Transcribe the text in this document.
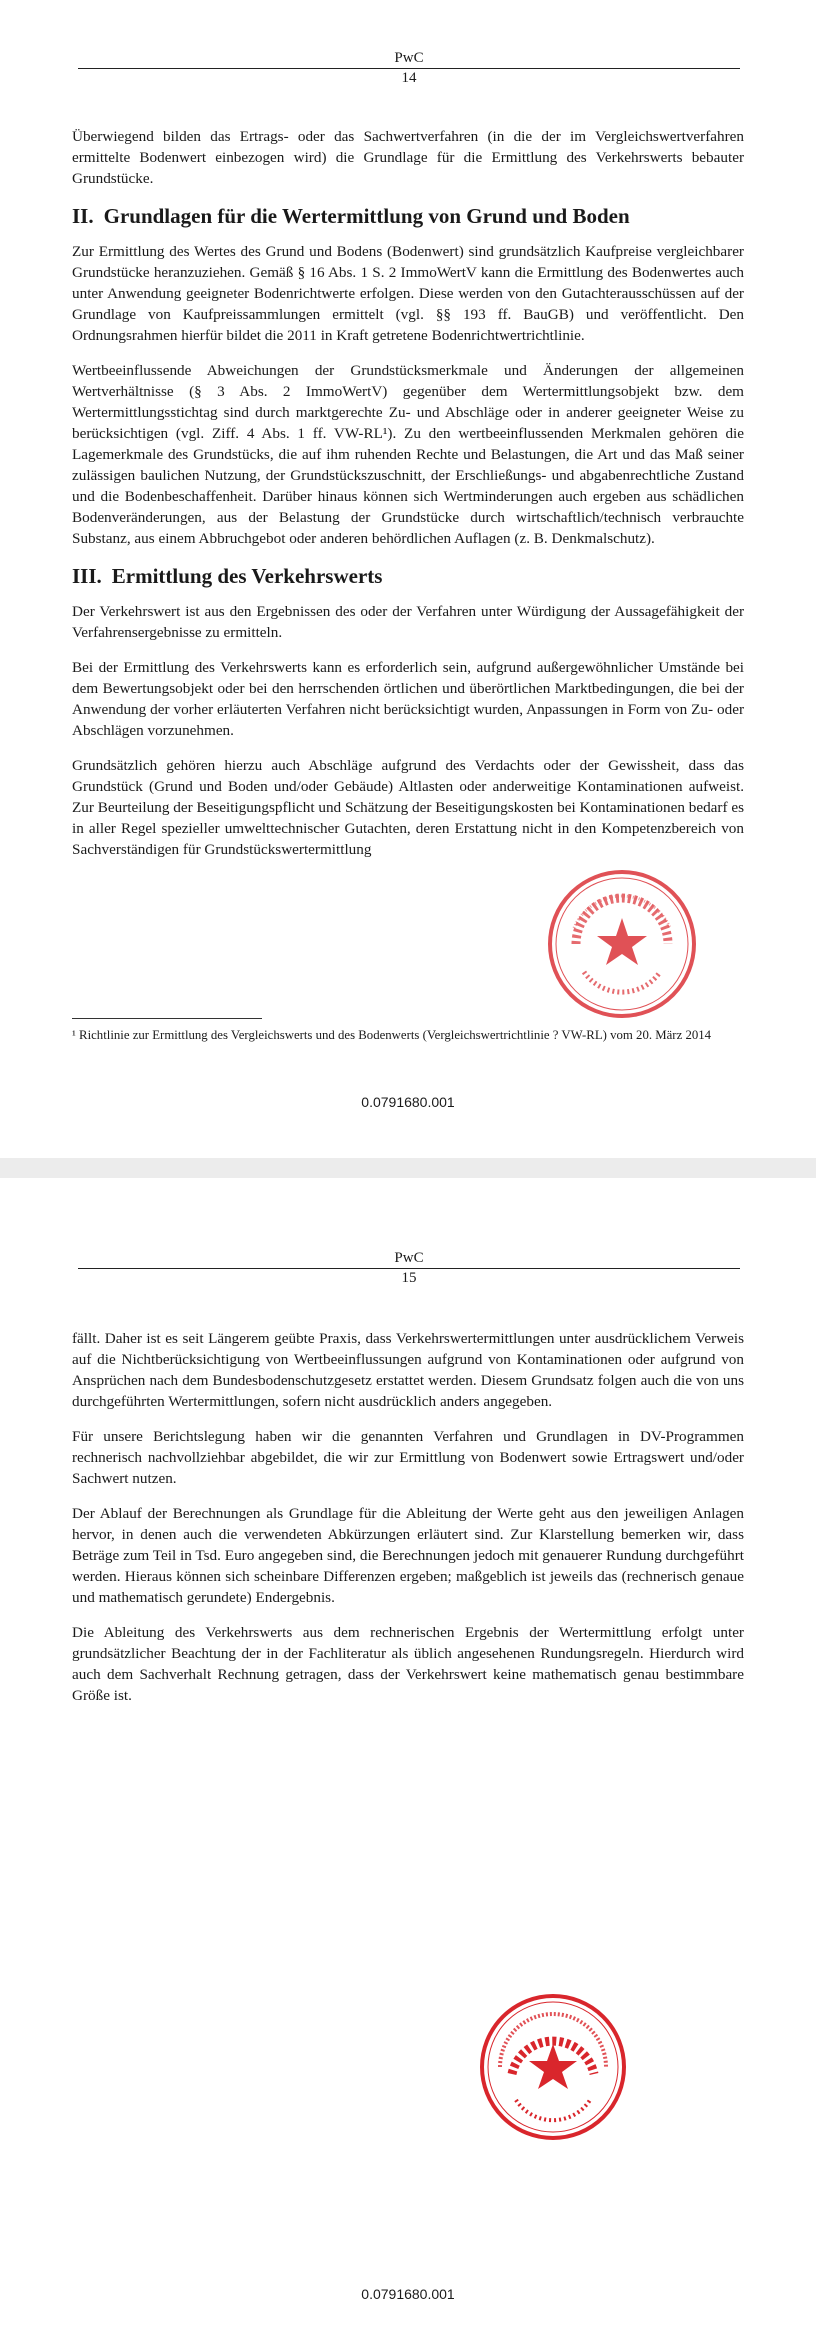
PwC
14

Überwiegend bilden das Ertrags- oder das Sachwertverfahren (in die der im Vergleichswertverfahren ermittelte Bodenwert einbezogen wird) die Grundlage für die Ermittlung des Verkehrswerts bebauter Grundstücke.

II. Grundlagen für die Wertermittlung von Grund und Boden

Zur Ermittlung des Wertes des Grund und Bodens (Bodenwert) sind grundsätzlich Kaufpreise vergleichbarer Grundstücke heranzuziehen. Gemäß § 16 Abs. 1 S. 2 ImmoWertV kann die Ermittlung des Bodenwertes auch unter Anwendung geeigneter Bodenrichtwerte erfolgen. Diese werden von den Gutachterausschüssen auf der Grundlage von Kaufpreissammlungen ermittelt (vgl. §§ 193 ff. BauGB) und veröffentlicht. Den Ordnungsrahmen hierfür bildet die 2011 in Kraft getretene Bodenrichtwertrichtlinie.

Wertbeeinflussende Abweichungen der Grundstücksmerkmale und Änderungen der allgemeinen Wertverhältnisse (§ 3 Abs. 2 ImmoWertV) gegenüber dem Wertermittlungsobjekt bzw. dem Wertermittlungsstichtag sind durch marktgerechte Zu- und Abschläge oder in anderer geeigneter Weise zu berücksichtigen (vgl. Ziff. 4 Abs. 1 ff. VW-RL¹). Zu den wertbeeinflussenden Merkmalen gehören die Lagemerkmale des Grundstücks, die auf ihm ruhenden Rechte und Belastungen, die Art und das Maß seiner zulässigen baulichen Nutzung, der Grundstückszuschnitt, der Erschließungs- und abgabenrechtliche Zustand und die Bodenbeschaffenheit. Darüber hinaus können sich Wertminderungen auch ergeben aus schädlichen Bodenveränderungen, aus der Belastung der Grundstücke durch wirtschaftlich/technisch verbrauchte Substanz, aus einem Abbruchgebot oder anderen behördlichen Auflagen (z. B. Denkmalschutz).

III. Ermittlung des Verkehrswerts

Der Verkehrswert ist aus den Ergebnissen des oder der Verfahren unter Würdigung der Aussagefähigkeit der Verfahrensergebnisse zu ermitteln.

Bei der Ermittlung des Verkehrswerts kann es erforderlich sein, aufgrund außergewöhnlicher Umstände bei dem Bewertungsobjekt oder bei den herrschenden örtlichen und überörtlichen Marktbedingungen, die bei der Anwendung der vorher erläuterten Verfahren nicht berücksichtigt wurden, Anpassungen in Form von Zu- oder Abschlägen vorzunehmen.

Grundsätzlich gehören hierzu auch Abschläge aufgrund des Verdachts oder der Gewissheit, dass das Grundstück (Grund und Boden und/oder Gebäude) Altlasten oder anderweitige Kontaminationen aufweist. Zur Beurteilung der Beseitigungspflicht und Schätzung der Beseitigungskosten bei Kontaminationen bedarf es in aller Regel spezieller umwelttechnischer Gutachten, deren Erstattung nicht in den Kompetenzbereich von Sachverständigen für Grundstückswertermittlung

¹ Richtlinie zur Ermittlung des Vergleichswerts und des Bodenwerts (Vergleichswertrichtlinie ? VW-RL) vom 20. März 2014
0.0791680.001
PwC
15

fällt. Daher ist es seit Längerem geübte Praxis, dass Verkehrswertermittlungen unter ausdrücklichem Verweis auf die Nichtberücksichtigung von Wertbeeinflussungen aufgrund von Kontaminationen oder aufgrund von Ansprüchen nach dem Bundesbodenschutzgesetz erstattet werden. Diesem Grundsatz folgen auch die von uns durchgeführten Wertermittlungen, sofern nicht ausdrücklich anders angegeben.

Für unsere Berichtslegung haben wir die genannten Verfahren und Grundlagen in DV-Programmen rechnerisch nachvollziehbar abgebildet, die wir zur Ermittlung von Bodenwert sowie Ertragswert und/oder Sachwert nutzen.

Der Ablauf der Berechnungen als Grundlage für die Ableitung der Werte geht aus den jeweiligen Anlagen hervor, in denen auch die verwendeten Abkürzungen erläutert sind. Zur Klarstellung bemerken wir, dass Beträge zum Teil in Tsd. Euro angegeben sind, die Berechnungen jedoch mit genauerer Rundung durchgeführt werden. Hieraus können sich scheinbare Differenzen ergeben; maßgeblich ist jeweils das (rechnerisch genaue und mathematisch gerundete) Endergebnis.

Die Ableitung des Verkehrswerts aus dem rechnerischen Ergebnis der Wertermittlung erfolgt unter grundsätzlicher Beachtung der in der Fachliteratur als üblich angesehenen Rundungsregeln. Hierdurch wird auch dem Sachverhalt Rechnung getragen, dass der Verkehrswert keine mathematisch genau bestimmbare Größe ist.

0.0791680.001
